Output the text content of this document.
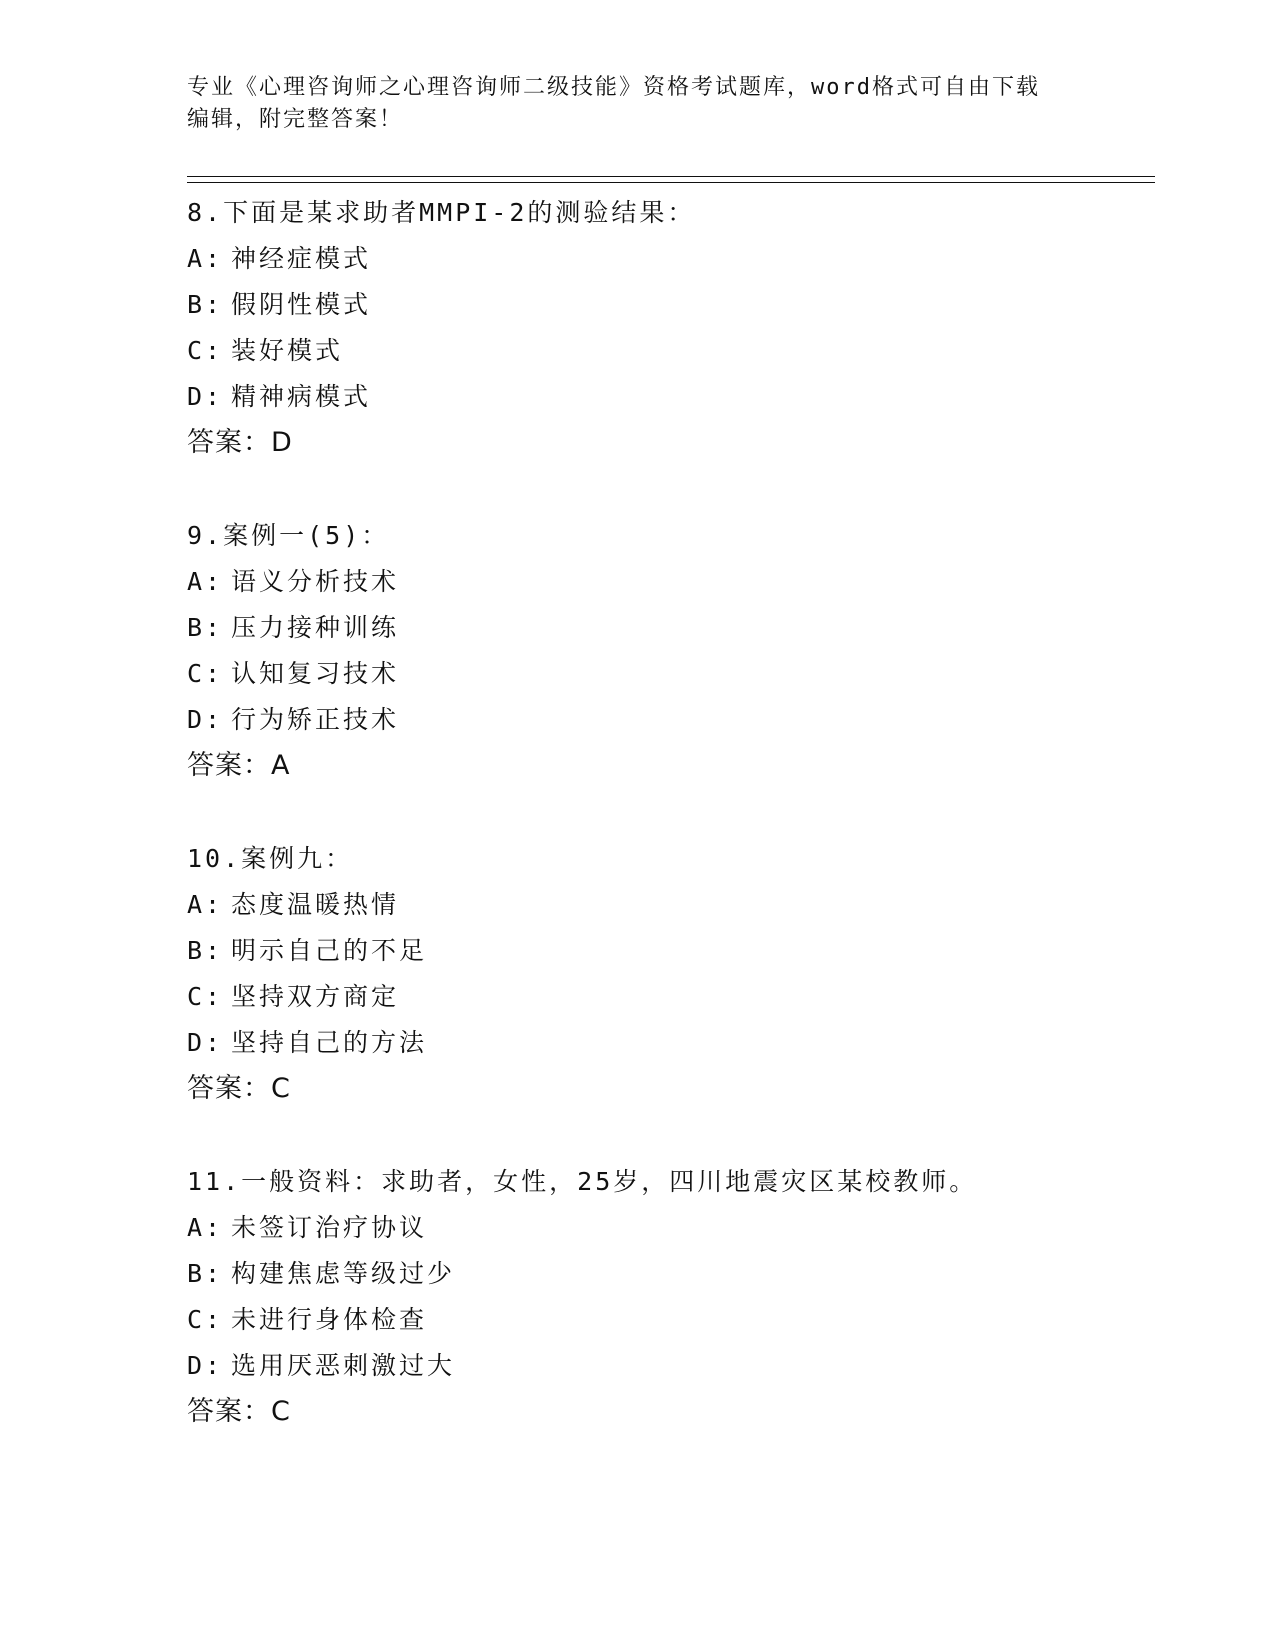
专业《心理咨询师之心理咨询师二级技能》资格考试题库，word格式可自由下载
编辑，附完整答案！
8.下面是某求助者MMPI-2的测验结果：
A: 神经症模式
B: 假阴性模式
C: 装好模式
D: 精神病模式
答案：D
9.案例一(5)：
A: 语义分析技术
B: 压力接种训练
C: 认知复习技术
D: 行为矫正技术
答案：A
10.案例九：
A: 态度温暖热情
B: 明示自己的不足
C: 坚持双方商定
D: 坚持自己的方法
答案：C
11.一般资料：求助者，女性，25岁，四川地震灾区某校教师。
A: 未签订治疗协议
B: 构建焦虑等级过少
C: 未进行身体检查
D: 选用厌恶刺激过大
答案：C
